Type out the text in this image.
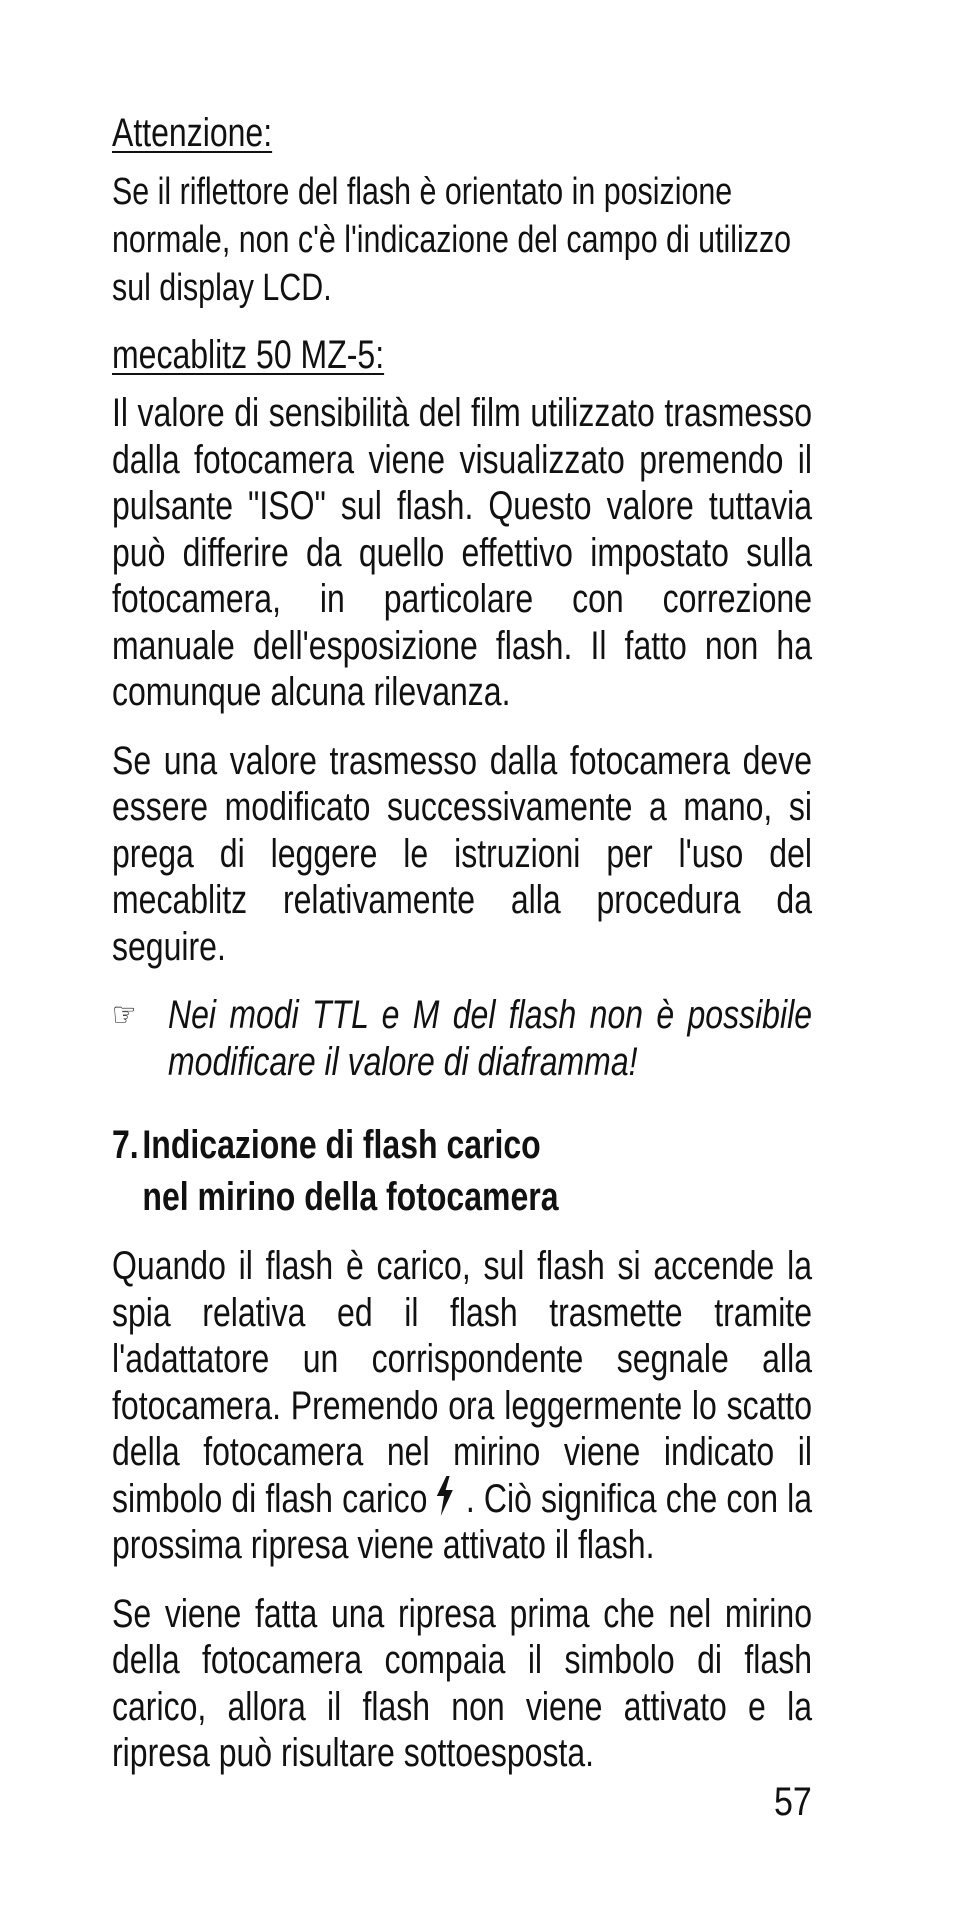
Attenzione:

Se il riflettore del flash è orientato in posizione normale, non c'è l'indicazione del campo di utilizzo sul display LCD.

mecablitz 50 MZ-5:

Il valore di sensibilità del film utilizzato trasmesso dalla fotocamera viene visualizzato premendo il pulsante "ISO" sul flash. Questo valore tuttavia può differire da quello effettivo impostato sulla fotocamera, in particolare con correzione manuale dell'esposizione flash. Il fatto non ha comunque alcuna rilevanza.

Se una valore trasmesso dalla fotocamera deve essere modificato successivamente a mano, si prega di leggere le istruzioni per l'uso del mecablitz relativamente alla procedura da seguire.

☞ Nei modi TTL e M del flash non è possibile modificare il valore di diaframma!
7. Indicazione di flash carico
nel mirino della fotocamera

Quando il flash è carico, sul flash si accende la spia relativa ed il flash trasmette tramite l'adattatore un corrispondente segnale alla fotocamera. Premendo ora leggermente lo scatto della fotocamera nel mirino viene indicato il simbolo di flash carico . Ciò significa che con la prossima ripresa viene attivato il flash.

Se viene fatta una ripresa prima che nel mirino della fotocamera compaia il simbolo di flash carico, allora il flash non viene attivato e la ripresa può risultare sottoesposta.

57
